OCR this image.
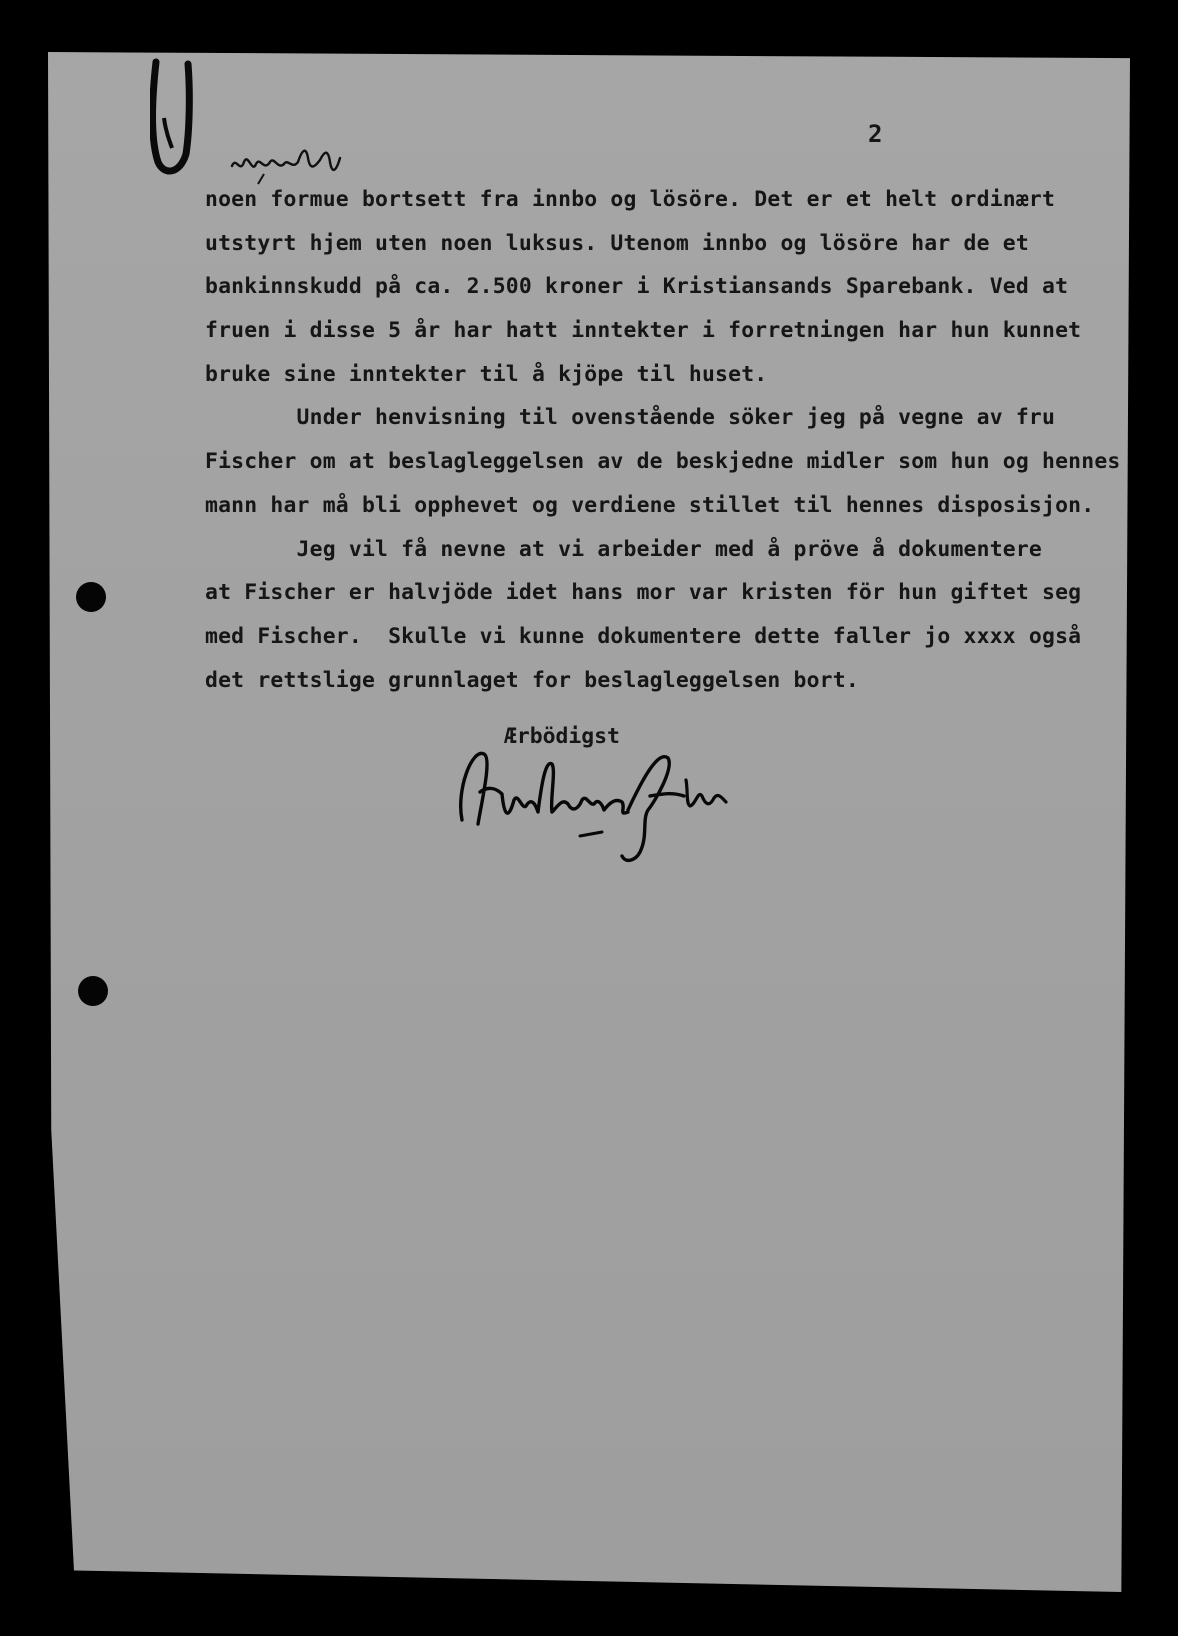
2
noen formue bortsett fra innbo og lösöre. Det er et helt ordinært
utstyrt hjem uten noen luksus. Utenom innbo og lösöre har de et
bankinnskudd på ca. 2.500 kroner i Kristiansands Sparebank. Ved at
fruen i disse 5 år har hatt inntekter i forretningen har hun kunnet
bruke sine inntekter til å kjöpe til huset.
Under henvisning til ovenstående söker jeg på vegne av fru
Fischer om at beslagleggelsen av de beskjedne midler som hun og hennes
mann har må bli opphevet og verdiene stillet til hennes disposisjon.
Jeg vil få nevne at vi arbeider med å pröve å dokumentere
at Fischer er halvjöde idet hans mor var kristen för hun giftet seg
med Fischer.  Skulle vi kunne dokumentere dette faller jo xxxx også
det rettslige grunnlaget for beslagleggelsen bort.
Ærbödigst
